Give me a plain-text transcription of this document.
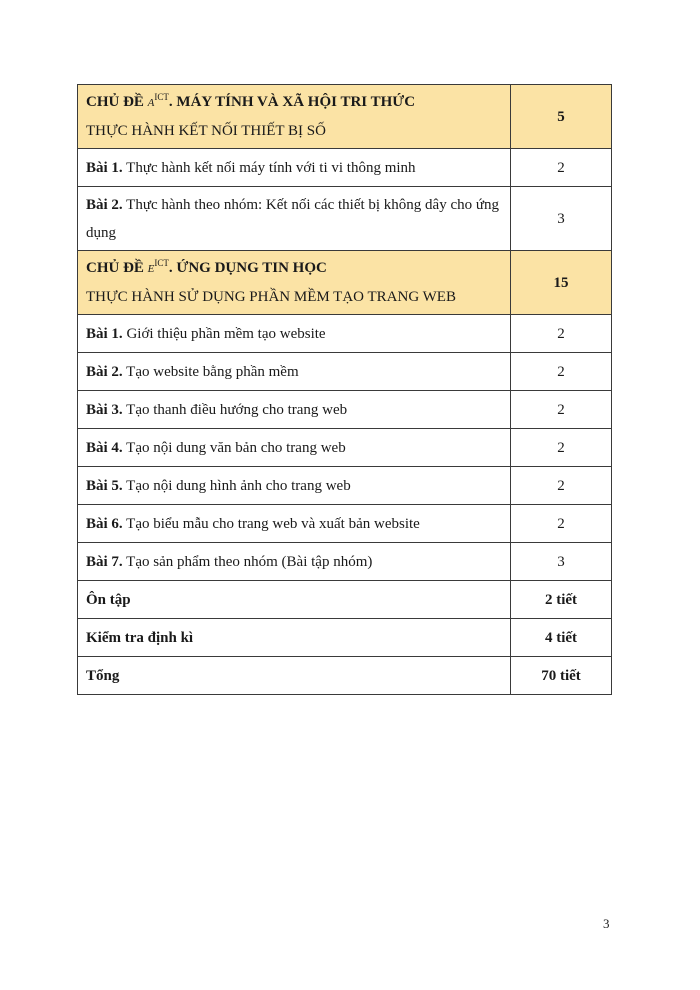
CHỦ ĐỀ $A^{ICT}$. MÁY TÍNH VÀ XÃ HỘI TRI THỨC
THỰC HÀNH KẾT NỐI THIẾT BỊ SỐ	5
Bài 1. Thực hành kết nối máy tính với ti vi thông minh	2
Bài 2. Thực hành theo nhóm: Kết nối các thiết bị không dây cho ứng dụng	3

CHỦ ĐỀ $E^{ICT}$. ỨNG DỤNG TIN HỌC
THỰC HÀNH SỬ DỤNG PHẦN MỀM TẠO TRANG WEB	15
Bài 1. Giới thiệu phần mềm tạo website	2
Bài 2. Tạo website bằng phần mềm	2
Bài 3. Tạo thanh điều hướng cho trang web	2
Bài 4. Tạo nội dung văn bản cho trang web	2
Bài 5. Tạo nội dung hình ảnh cho trang web	2
Bài 6. Tạo biểu mẫu cho trang web và xuất bản website	2
Bài 7. Tạo sản phẩm theo nhóm (Bài tập nhóm)	3
Ôn tập	2 tiết
Kiểm tra định kì	4 tiết
Tổng	70 tiết
3
